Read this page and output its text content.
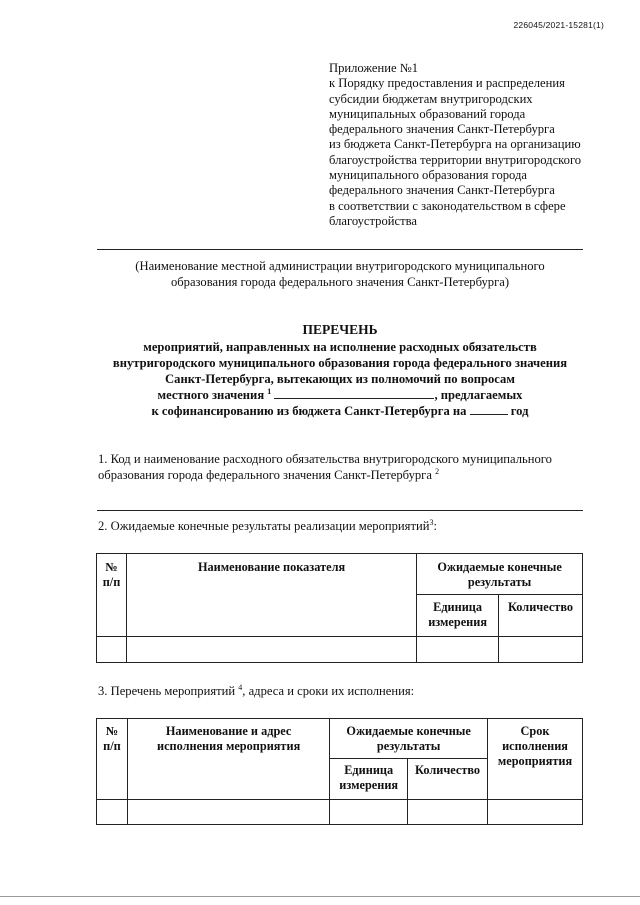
226045/2021-15281(1)
Приложение №1
к Порядку предоставления и распределения
субсидии бюджетам внутригородских
муниципальных образований города
федерального значения Санкт-Петербурга
из бюджета Санкт-Петербурга на организацию
благоустройства территории внутригородского
муниципального образования города
федерального значения Санкт-Петербурга
в соответствии с законодательством в сфере
благоустройства
(Наименование местной администрации внутригородского муниципального
образования города федерального значения Санкт-Петербурга)
ПЕРЕЧЕНЬ
мероприятий, направленных на исполнение расходных обязательств
внутригородского муниципального образования города федерального значения
Санкт-Петербурга, вытекающих из полномочий по вопросам
местного значения $^1$	, предлагаемых
к софинансированию из бюджета Санкт-Петербурга на	год
1. Код и наименование расходного обязательства внутригородского муниципального
образования города федерального значения Санкт-Петербурга $^2$
2. Ожидаемые конечные результаты реализации мероприятий$^3$:
№ п/п	Наименование показателя	Ожидаемые конечные результаты	
		Единица измерения	Количество

3. Перечень мероприятий $^4$, адреса и сроки их исполнения:
№ п/п	Наименование и адрес исполнения мероприятия	Ожидаемые конечные результаты		Срок исполнения мероприятия
		Единица измерения	Количество	
